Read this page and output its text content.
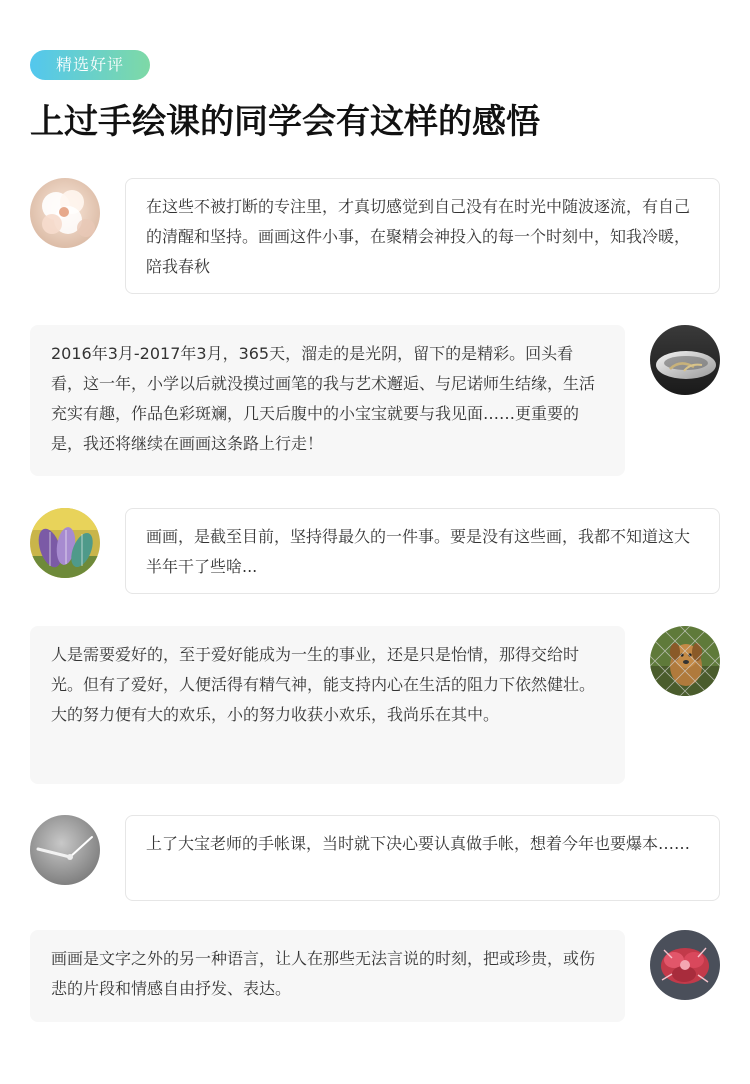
精选好评
上过手绘课的同学会有这样的感悟
在这些不被打断的专注里，才真切感觉到自己没有在时光中随波逐流，有自己的清醒和坚持。画画这件小事，在聚精会神投入的每一个时刻中，知我冷暖，陪我春秋
2016年3月-2017年3月，365天，溜走的是光阴，留下的是精彩。回头看看，这一年，小学以后就没摸过画笔的我与艺术邂逅、与尼诺师生结缘，生活充实有趣，作品色彩斑斓，几天后腹中的小宝宝就要与我见面……更重要的是，我还将继续在画画这条路上行走！
画画，是截至目前，坚持得最久的一件事。要是没有这些画，我都不知道这大半年干了些啥...
人是需要爱好的，至于爱好能成为一生的事业，还是只是怡情，那得交给时光。但有了爱好，人便活得有精气神，能支持内心在生活的阻力下依然健壮。大的努力便有大的欢乐，小的努力收获小欢乐，我尚乐在其中。
上了大宝老师的手帐课，当时就下决心要认真做手帐，想着今年也要爆本……
画画是文字之外的另一种语言，让人在那些无法言说的时刻，把或珍贵，或伤悲的片段和情感自由抒发、表达。
